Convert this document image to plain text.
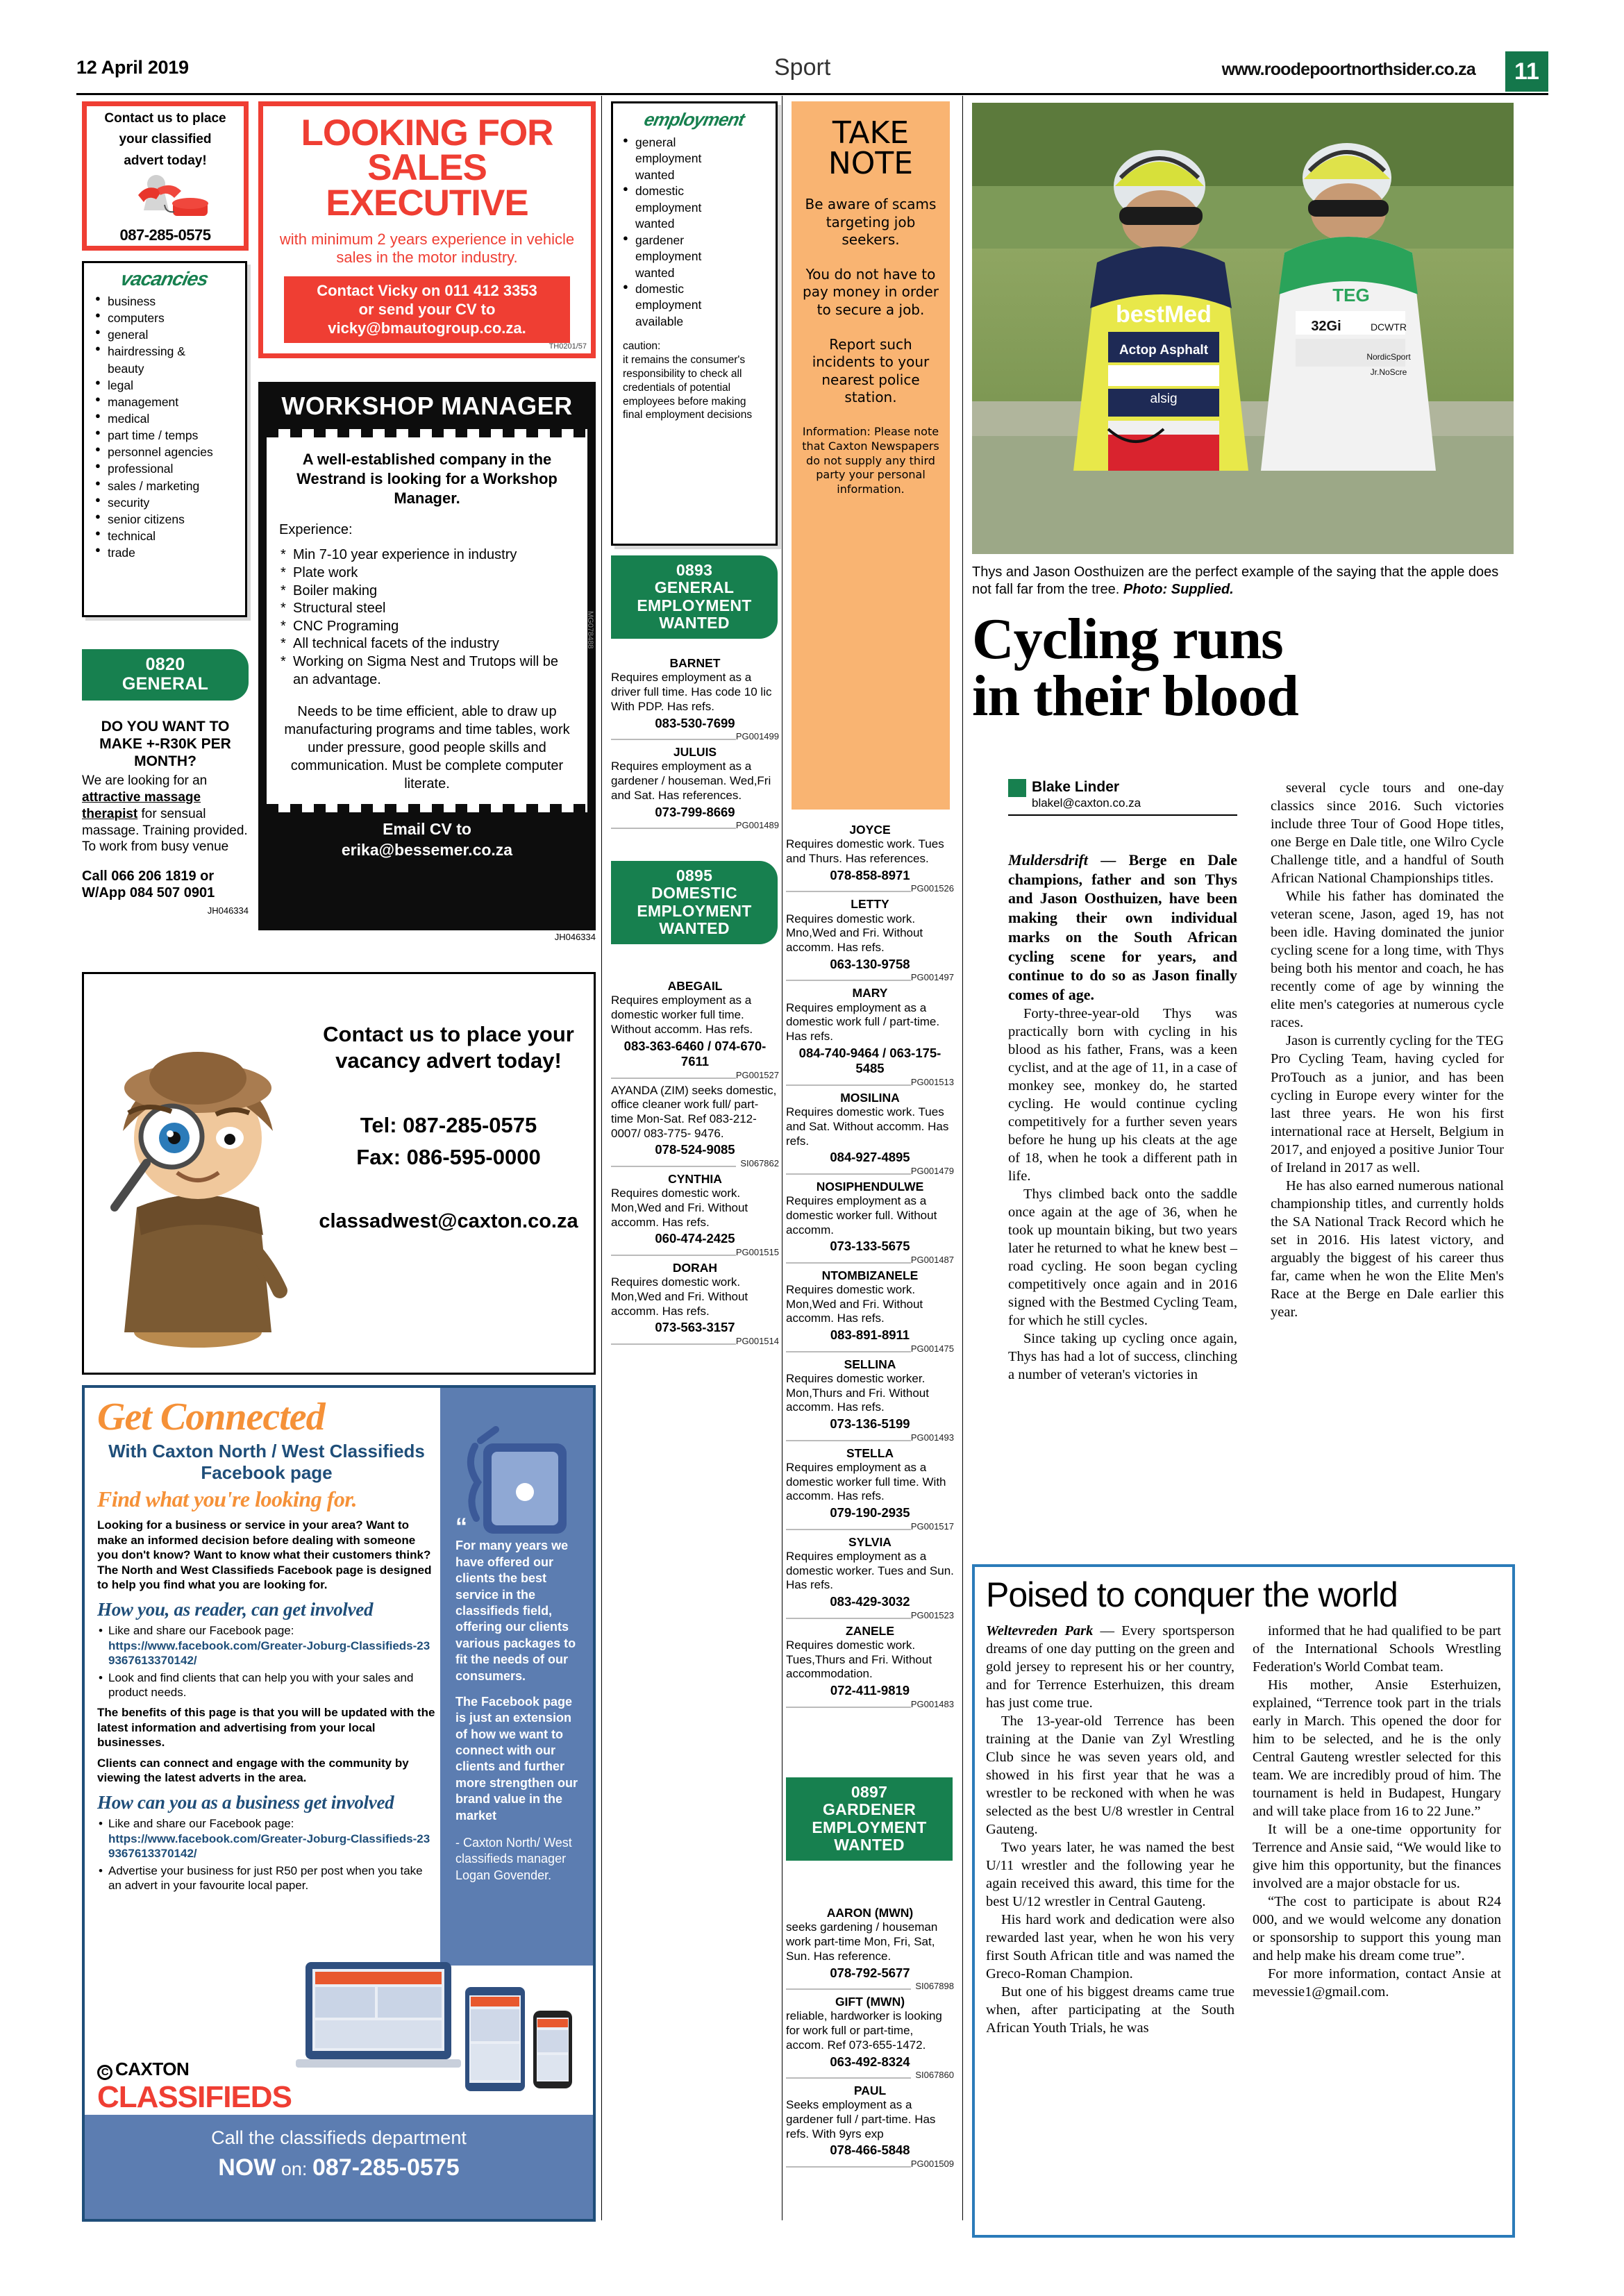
12 April 2019	Sport	www.roodepoortnorthsider.co.za	11
Contact us to place
your classified
advert today!
087-285-0575
vacancies
● business
● computers
● general
● hairdressing &
beauty
● legal
● management
● medical
● part time / temps
● personnel agencies
● professional
● sales / marketing
● security
● senior citizens
● technical
● trade
0820
GENERAL
DO YOU WANT TO MAKE +-R30K PER MONTH?
We are looking for an attractive massage therapist for sensual massage. Training provided. To work from busy venue
Call 066 206 1819 or W/App 084 507 0901
JH046334
Contact us to place your
vacancy advert today!
Tel: 087-285-0575
Fax: 086-595-0000
classadwest@caxton.co.za
Get Connected
With Caxton North / West Classifieds Facebook page
Find what you're looking for.
Looking for a business or service in your area? Want to make an informed decision before dealing with someone you don't know? Want to know what their customers think? The North and West Classifieds Facebook page is designed to help you find what you are looking for.
How you, as reader, can get involved
• Like and share our Facebook page:
https://www.facebook.com/Greater-Joburg-Classifieds-239367613370142/
• Look and find clients that can help you with your sales and product needs.
The benefits of this page is that you will be updated with the latest information and advertising from your local businesses.
Clients can connect and engage with the community by viewing the latest adverts in the area.
How can you as a business get involved
• Like and share our Facebook page:
https://www.facebook.com/Greater-Joburg-Classifieds-239367613370142/
• Advertise your business for just R50 per post when you take an advert in your favourite local paper.
“
For many years we have offered our clients the best service in the classifieds field, offering our clients various packages to fit the needs of our consumers.
The Facebook page is just an extension of how we want to connect with our clients and further more strengthen our brand value in the market
- Caxton North/ West classifieds manager Logan Govender.
C CAXTON
CLASSIFIEDS
Call the classifieds department
NOW on: 087-285-0575
LOOKING FOR
SALES
EXECUTIVE
with minimum 2 years experience in vehicle sales in the motor industry.
Contact Vicky on 011 412 3353
or send your CV to
vicky@bmautogroup.co.za.
TH0201/57
WORKSHOP MANAGER
A well-established company in the Westrand is looking for a Workshop Manager.
Experience:
* Min 7-10 year experience in industry
* Plate work
* Boiler making
* Structural steel
* CNC Programing
* All technical facets of the industry
* Working on Sigma Nest and Trutops will be an advantage.
Needs to be time efficient, able to draw up manufacturing programs and time tables, work under pressure, good people skills and communication. Must be complete computer literate.
Email CV to
erika@bessemer.co.za
MG078488
JH046334
employment
● general
employment
wanted
● domestic
employment
wanted
● gardener
employment
wanted
● domestic
employment
available
caution:
it remains the consumer's responsibility to check all credentials of potential employees before making final employment decisions
0893
GENERAL EMPLOYMENT WANTED
BARNET
Requires employment as a driver full time. Has code 10 lic With PDP. Has refs.
083-530-7699
PG001499
JULUIS
Requires employment as a gardener / houseman. Wed,Fri and Sat. Has references.
073-799-8669
PG001489
0895
DOMESTIC EMPLOYMENT WANTED
ABEGAIL
Requires employment as a domestic worker full time. Without accomm. Has refs.
083-363-6460 / 074-670-7611
PG001527
AYANDA (ZIM) seeks domestic, office cleaner work full/ part-time Mon-Sat. Ref 083-212-0007/ 083-775- 9476.
078-524-9085
SI067862
CYNTHIA
Requires domestic work. Mon,Wed and Fri. Without accomm. Has refs.
060-474-2425
PG001515
DORAH
Requires domestic work. Mon,Wed and Fri. Without accomm. Has refs.
073-563-3157
PG001514
TAKE
NOTE
Be aware of scams targeting job seekers.
You do not have to pay money in order to secure a job.
Report such incidents to your nearest police station.
Information: Please note that Caxton Newspapers do not supply any third party your personal information.
JOYCE
Requires domestic work. Tues and Thurs. Has references.
078-858-8971
PG001526
LETTY
Requires domestic work. Mno,Wed and Fri. Without accomm. Has refs.
063-130-9758
PG001497
MARY
Requires employment as a domestic work full / part-time. Has refs.
084-740-9464 / 063-175-5485
PG001513
MOSILINA
Requires domestic work. Tues and Sat. Without accomm. Has refs.
084-927-4895
PG001479
NOSIPHENDULWE
Requires employment as a domestic worker full. Without accomm.
073-133-5675
PG001487
NTOMBIZANELE
Requires domestic work. Mon,Wed and Fri. Without accomm. Has refs.
083-891-8911
PG001475
SELLINA
Requires domestic worker. Mon,Thurs and Fri. Without accomm. Has refs.
073-136-5199
PG001493
STELLA
Requires employment as a domestic worker full time. With accomm. Has refs.
079-190-2935
PG001517
SYLVIA
Requires employment as a domestic worker. Tues and Sun. Has refs.
083-429-3032
PG001523
ZANELE
Requires domestic work. Tues,Thurs and Fri. Without accommodation.
072-411-9819
PG001483
0897
GARDENER EMPLOYMENT WANTED
AARON (MWN)
seeks gardening / houseman work part-time Mon, Fri, Sat, Sun. Has reference.
078-792-5677
SI067898
GIFT (MWN)
reliable, hardworker is looking for work full or part-time, accom. Ref 073-655-1472.
063-492-8324
SI067860
PAUL
Seeks employment as a gardener full / part-time. Has refs. With 9yrs exp
078-466-5848
PG001509
bestMed
Actop Asphalt
alsig
TEG
32Gi	DCWTR
NordicSport
Jr.NoScre
Thys and Jason Oosthuizen are the perfect example of the saying that the apple does not fall far from the tree. Photo: Supplied.
Cycling runs
in their blood
Blake Linder
blakel@caxton.co.za

Muldersdrift — Berge en Dale champions, father and son Thys and Jason Oosthuizen, have been making their own individual marks on the South African cycling scene for years, and continue to do so as Jason finally comes of age.

Forty-three-year-old Thys was practically born with cycling in his blood as his father, Frans, was a keen cyclist, and at the age of 11, in a case of monkey see, monkey do, he started cycling. He would continue cycling competitively for a further seven years before he hung up his cleats at the age of 18, when he took a different path in life.

Thys climbed back onto the saddle once again at the age of 36, when he took up mountain biking, but two years later he returned to what he knew best – road cycling. He soon began cycling competitively once again and in 2016 signed with the Bestmed Cycling Team, for which he still cycles.

Since taking up cycling once again, Thys has had a lot of success, clinching a number of veteran's victories in

several cycle tours and one-day classics since 2016. Such victories include three Tour of Good Hope titles, one Berge en Dale title, one Wilro Cycle Challenge title, and a handful of South African National Championships titles.

While his father has dominated the veteran scene, Jason, aged 19, has not been idle. Having dominated the junior cycling scene for a long time, with Thys being both his mentor and coach, he has recently come of age by winning the elite men's categories at numerous cycle races.

Jason is currently cycling for the TEG Pro Cycling Team, having cycled for ProTouch as a junior, and has been cycling in Europe every winter for the last three years. He won his first international race at Herselt, Belgium in 2017, and enjoyed a positive Junior Tour of Ireland in 2017 as well.

He has also earned numerous national championship titles, and currently holds the SA National Track Record which he set in 2016. His latest victory, and arguably the biggest of his career thus far, came when he won the Elite Men's Race at the Berge en Dale earlier this year.

Poised to conquer the world

Weltevreden Park — Every sportsperson dreams of one day putting on the green and gold jersey to represent his or her country, and for Terrence Esterhuizen, this dream has just come true.

The 13-year-old Terrence has been training at the Danie van Zyl Wrestling Club since he was seven years old, and showed in his first year that he was a wrestler to be reckoned with when he was selected as the best U/8 wrestler in Central Gauteng.

Two years later, he was named the best U/11 wrestler and the following year he again received this award, this time for the best U/12 wrestler in Central Gauteng.

His hard work and dedication were also rewarded last year, when he won his very first South African title and was named the Greco-Roman Champion.

But one of his biggest dreams came true when, after participating at the South African Youth Trials, he was

informed that he had qualified to be part of the International Schools Wrestling Federation's World Combat team.

His mother, Ansie Esterhuizen, explained, “Terrence took part in the trials early in March. This opened the door for him to be selected, and he is the only Central Gauteng wrestler selected for this team. We are incredibly proud of him. The tournament is held in Budapest, Hungary and will take place from 16 to 22 June.”

It will be a one-time opportunity for Terrence and Ansie said, “We would like to give him this opportunity, but the finances involved are a major obstacle for us.

“The cost to participate is about R24 000, and we would welcome any donation or sponsorship to support this young man and help make his dream come true”.

For more information, contact Ansie at mevessie1@gmail.com.
